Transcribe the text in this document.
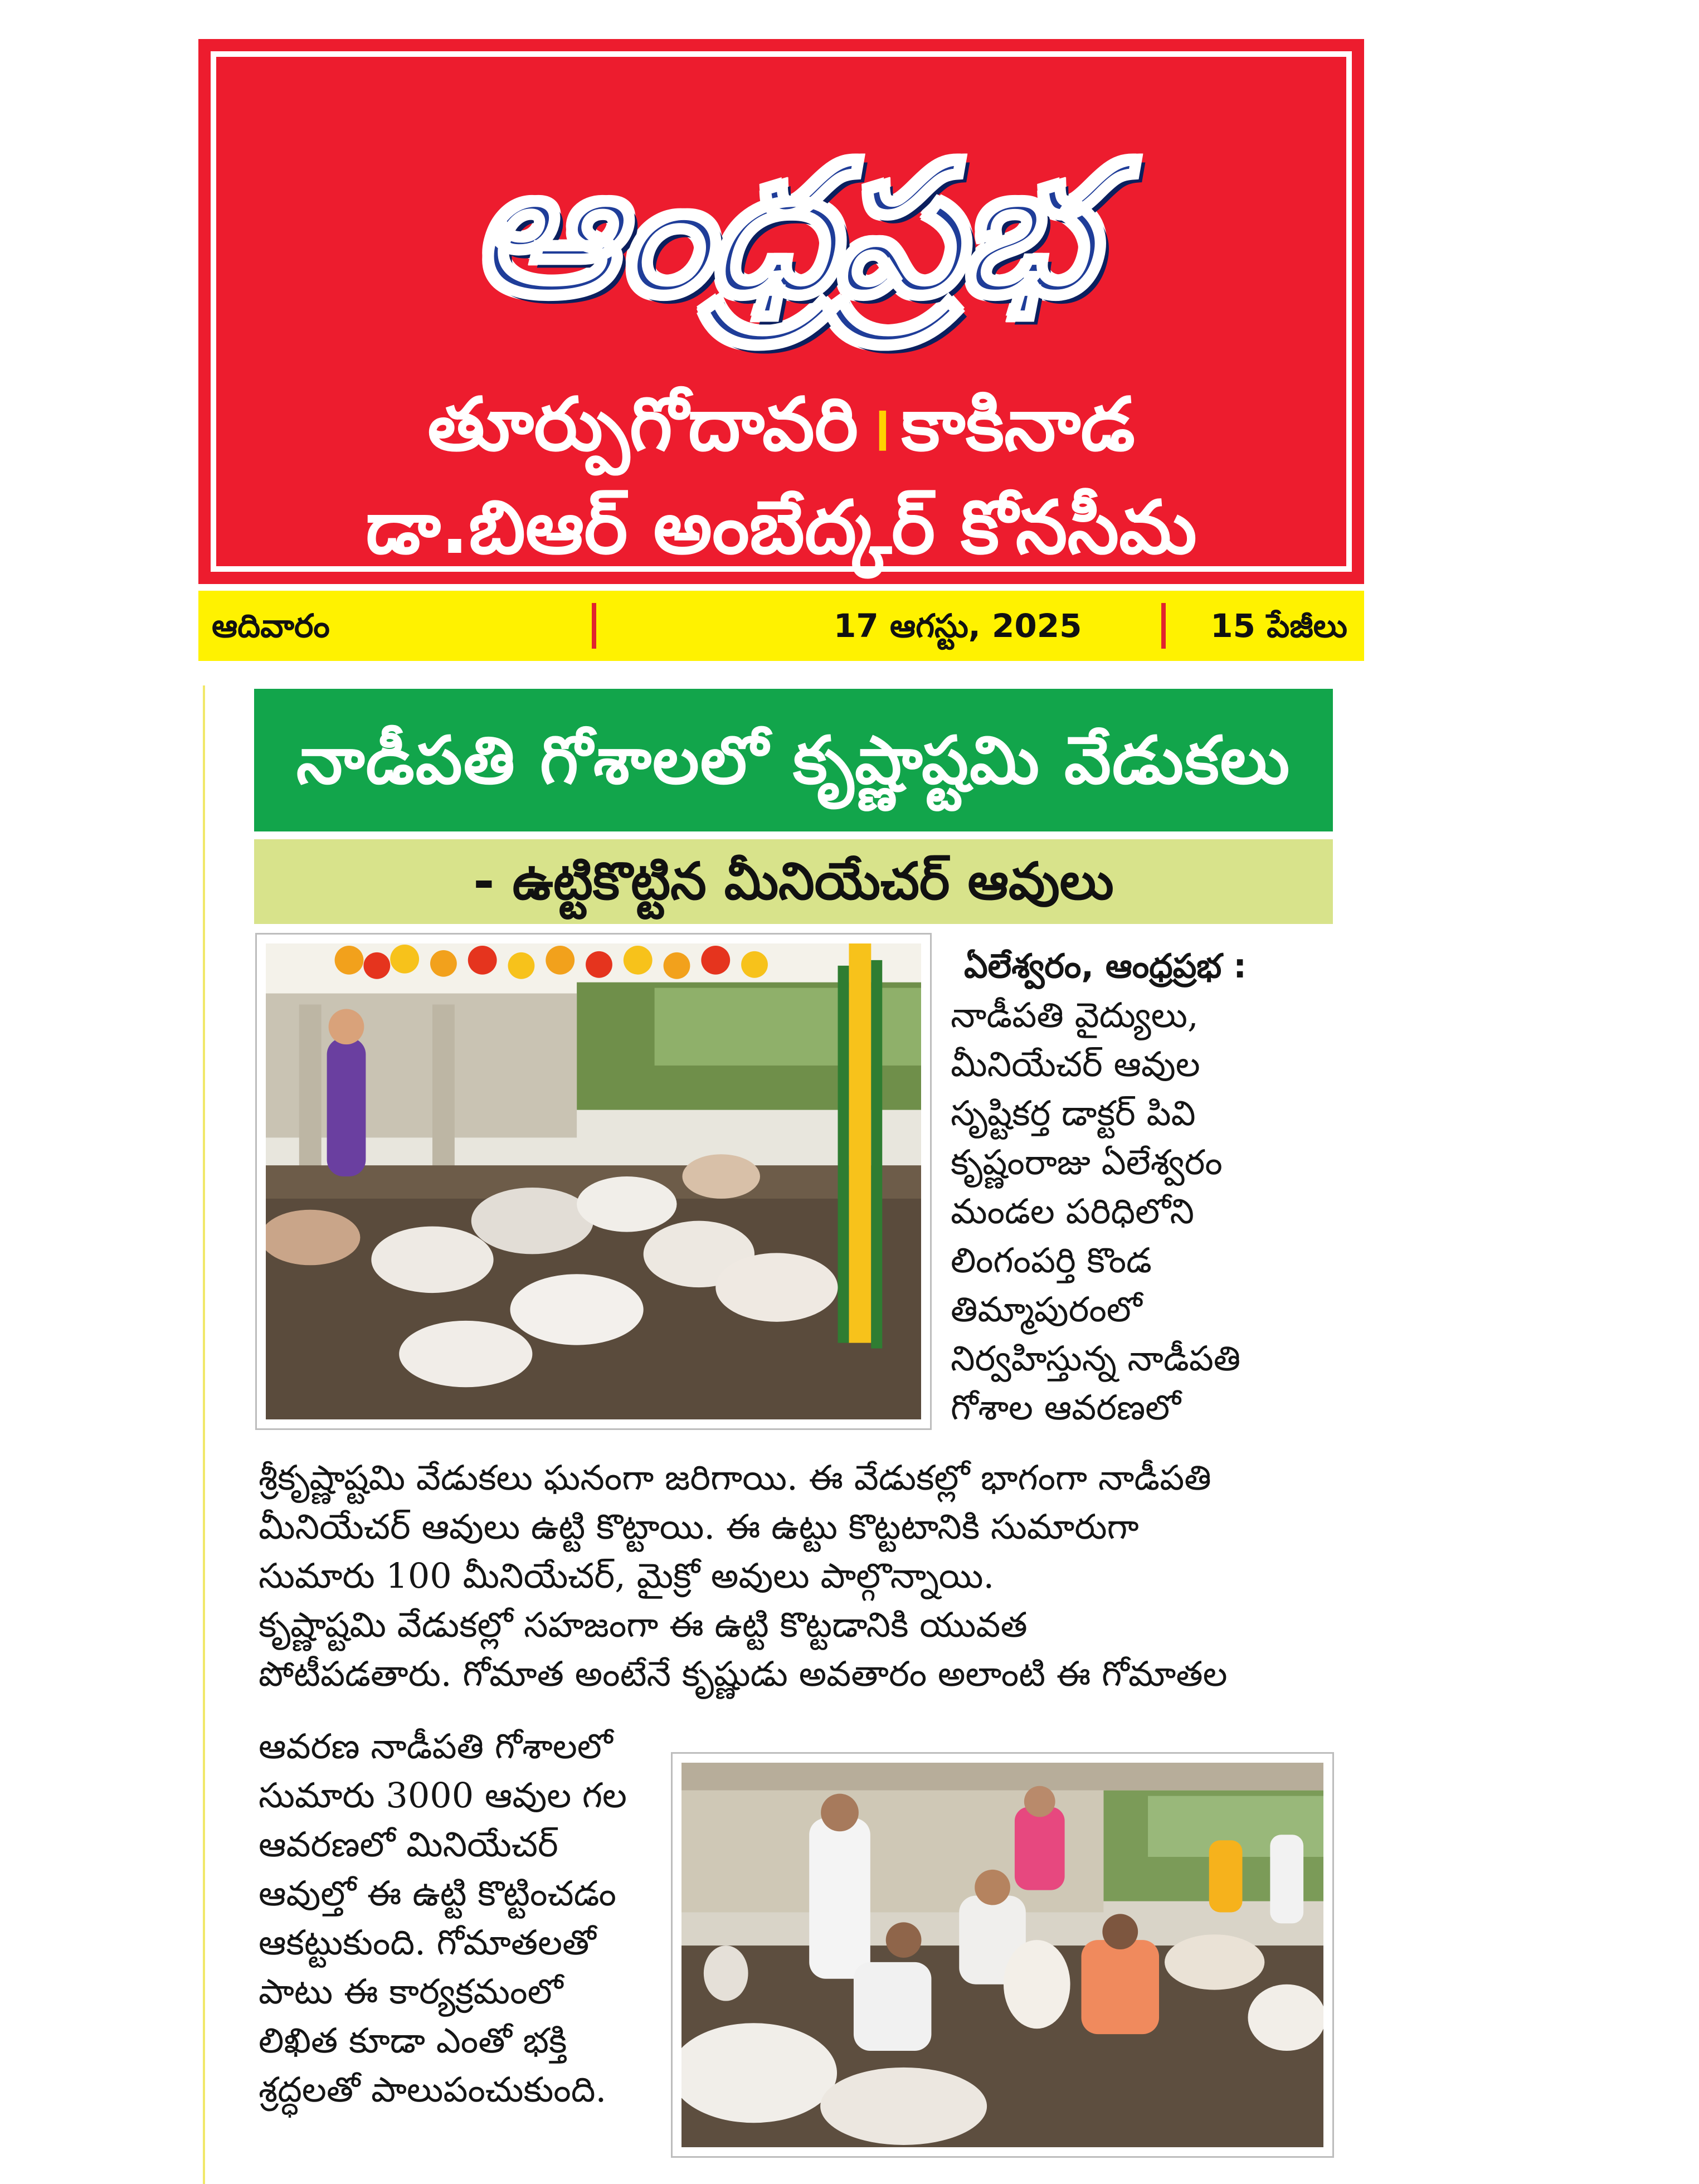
ఆంధ్రప్రభ
తూర్పుగోదావరి । కాకినాడ
డా.బిఆర్ అంబేద్కర్ కోనసీమ
ఆదివారం	17 ఆగస్టు, 2025	15 పేజీలు
నాడీపతి గోశాలలో కృష్ణాష్టమి వేడుకలు
- ఉట్టికొట్టిన మీనియేచర్ ఆవులు
ఏలేశ్వరం, ఆంధ్రప్రభ :

నాడీపతి వైద్యులు,
మీనియేచర్ ఆవుల
సృష్టికర్త డాక్టర్ పివి
కృష్ణంరాజు ఏలేశ్వరం
మండల పరిధిలోని
లింగంపర్తి కొండ
తిమ్మాపురంలో
నిర్వహిస్తున్న నాడీపతి
గోశాల ఆవరణలో

శ్రీకృష్ణాష్టమి వేడుకలు ఘనంగా జరిగాయి. ఈ వేడుకల్లో భాగంగా నాడీపతి
మీనియేచర్ ఆవులు ఉట్టి కొట్టాయి. ఈ ఉట్టు కొట్టటానికి సుమారుగా
సుమారు 100 మీనియేచర్, మైక్రో అవులు పాల్గొన్నాయి.
కృష్ణాష్టమి వేడుకల్లో సహజంగా ఈ ఉట్టి కొట్టడానికి యువత
పోటీపడతారు. గోమాత అంటేనే కృష్ణుడు అవతారం అలాంటి ఈ గోమాతల
ఆవరణ నాడీపతి గోశాలలో
సుమారు 3000 ఆవుల గల
ఆవరణలో మినియేచర్
ఆవుల్తో ఈ ఉట్టి కొట్టించడం
ఆకట్టుకుంది. గోమాతలతో
పాటు ఈ కార్యక్రమంలో
లిఖిత కూడా ఎంతో భక్తి
శ్రద్ధలతో పాలుపంచుకుంది.
